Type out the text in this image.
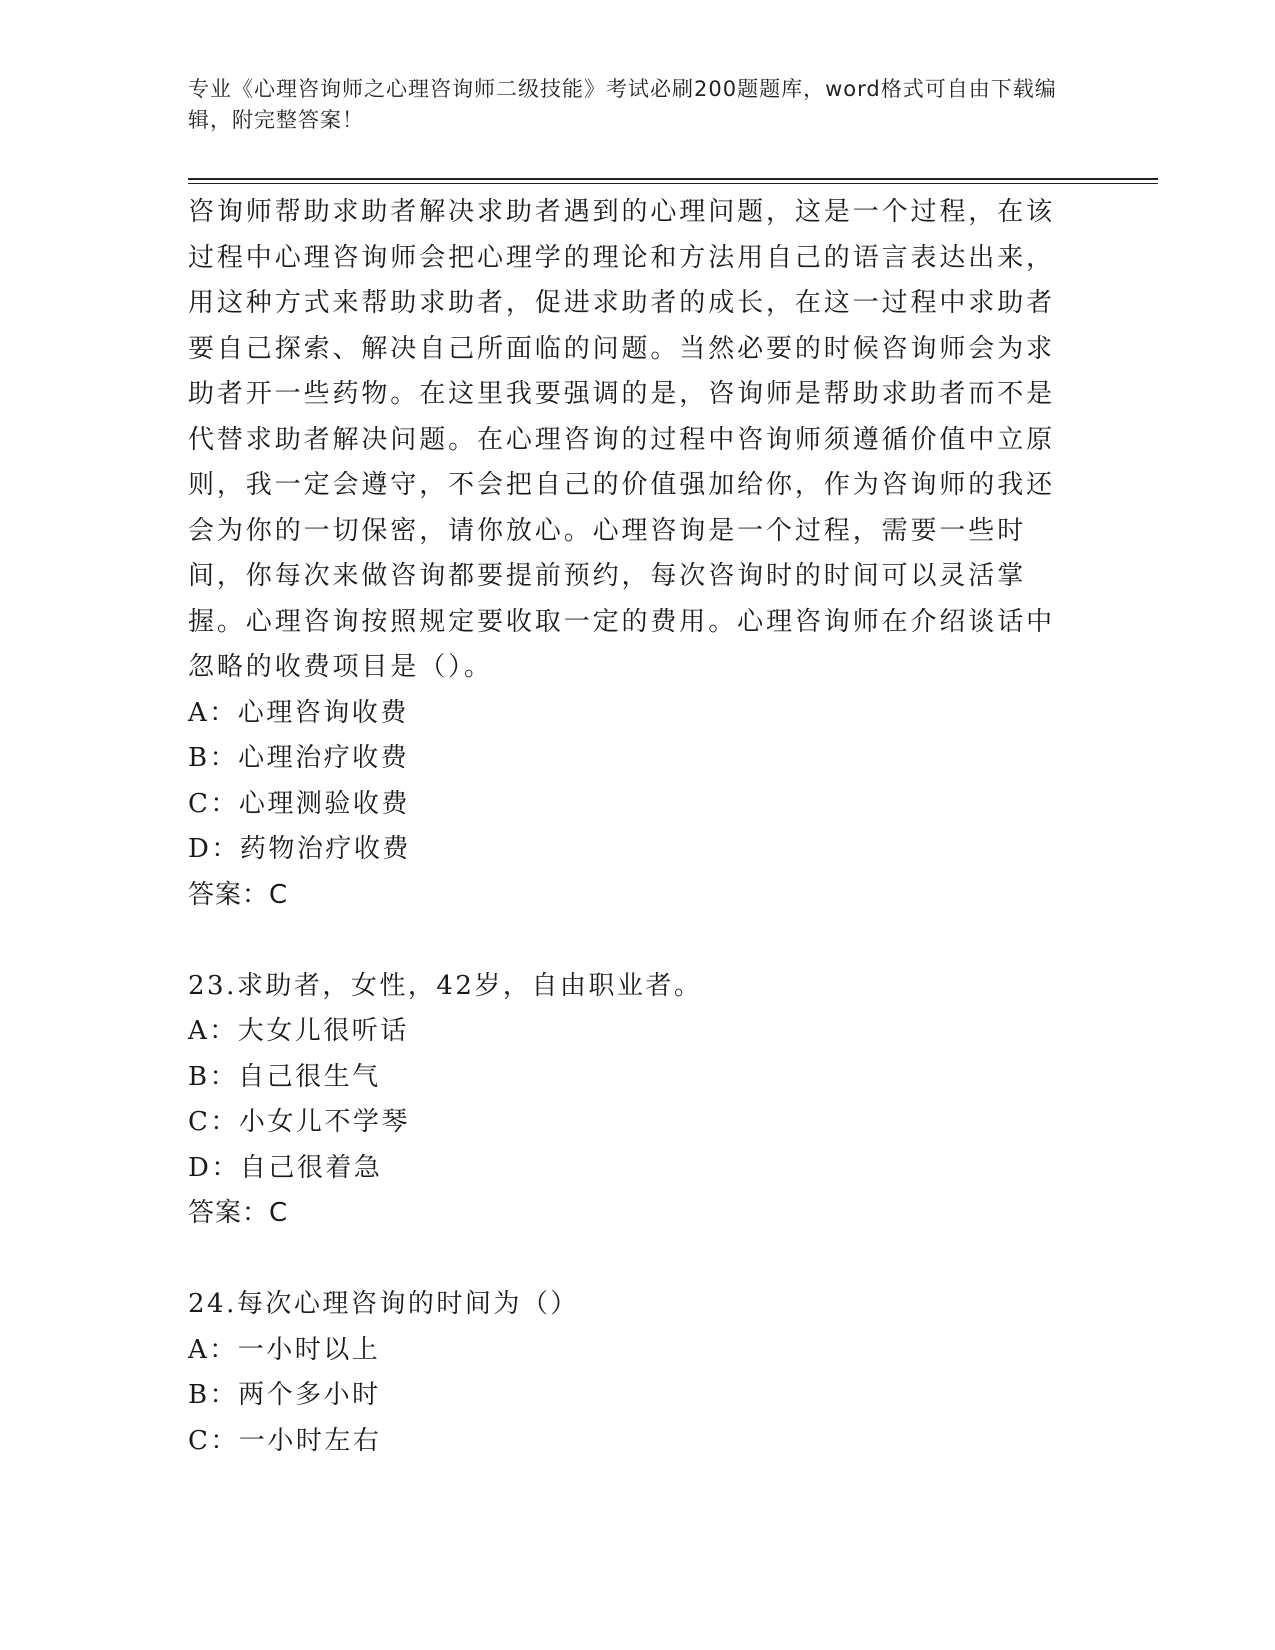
专业《心理咨询师之心理咨询师二级技能》考试必刷200题题库，word格式可自由下载编辑，附完整答案！

咨询师帮助求助者解决求助者遇到的心理问题，这是一个过程，在该过程中心理咨询师会把心理学的理论和方法用自己的语言表达出来，用这种方式来帮助求助者，促进求助者的成长，在这一过程中求助者要自己探索、解决自己所面临的问题。当然必要的时候咨询师会为求助者开一些药物。在这里我要强调的是，咨询师是帮助求助者而不是代替求助者解决问题。在心理咨询的过程中咨询师须遵循价值中立原则，我一定会遵守，不会把自己的价值强加给你，作为咨询师的我还会为你的一切保密，请你放心。心理咨询是一个过程，需要一些时间，你每次来做咨询都要提前预约，每次咨询时的时间可以灵活掌握。心理咨询按照规定要收取一定的费用。心理咨询师在介绍谈话中忽略的收费项目是（）。

A：心理咨询收费

B：心理治疗收费

C：心理测验收费

D：药物治疗收费

答案：C

23.求助者，女性，42岁，自由职业者。

A：大女儿很听话

B：自己很生气

C：小女儿不学琴

D：自己很着急

答案：C

24.每次心理咨询的时间为（）

A：一小时以上

B：两个多小时

C：一小时左右
